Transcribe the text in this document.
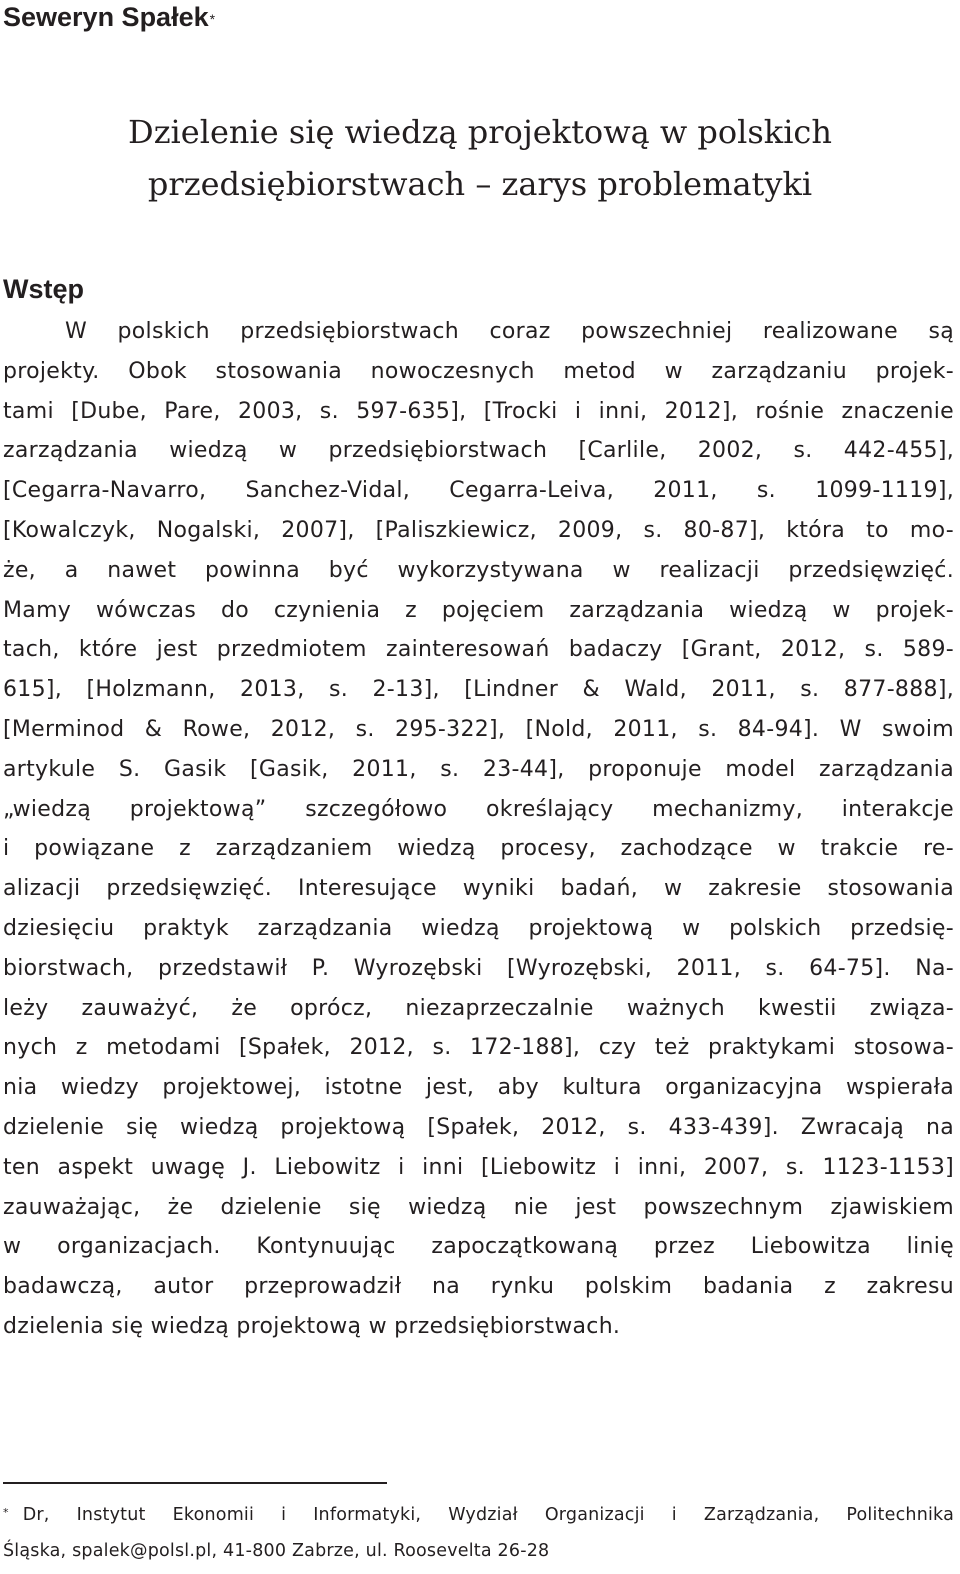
Seweryn Spałek*
Dzielenie się wiedzą projektową w polskich
przedsiębiorstwach – zarys problematyki
Wstęp
W polskich przedsiębiorstwach coraz powszechniej realizowane są
projekty. Obok stosowania nowoczesnych metod w zarządzaniu projek-
tami [Dube, Pare, 2003, s. 597-635], [Trocki i inni, 2012], rośnie znaczenie
zarządzania wiedzą w przedsiębiorstwach [Carlile, 2002, s. 442-455],
[Cegarra-Navarro, Sanchez-Vidal, Cegarra-Leiva, 2011, s. 1099-1119],
[Kowalczyk, Nogalski, 2007], [Paliszkiewicz, 2009, s. 80-87], która to mo-
że, a nawet powinna być wykorzystywana w realizacji przedsięwzięć.
Mamy wówczas do czynienia z pojęciem zarządzania wiedzą w projek-
tach, które jest przedmiotem zainteresowań badaczy [Grant, 2012, s. 589-
615], [Holzmann, 2013, s. 2-13], [Lindner & Wald, 2011, s. 877-888],
[Merminod & Rowe, 2012, s. 295-322], [Nold, 2011, s. 84-94]. W swoim
artykule S. Gasik [Gasik, 2011, s. 23-44], proponuje model zarządzania
„wiedzą projektową” szczegółowo określający mechanizmy, interakcje
i powiązane z zarządzaniem wiedzą procesy, zachodzące w trakcie re-
alizacji przedsięwzięć. Interesujące wyniki badań, w zakresie stosowania
dziesięciu praktyk zarządzania wiedzą projektową w polskich przedsię-
biorstwach, przedstawił P. Wyrozębski [Wyrozębski, 2011, s. 64-75]. Na-
leży zauważyć, że oprócz, niezaprzeczalnie ważnych kwestii związa-
nych z metodami [Spałek, 2012, s. 172-188], czy też praktykami stosowa-
nia wiedzy projektowej, istotne jest, aby kultura organizacyjna wspierała
dzielenie się wiedzą projektową [Spałek, 2012, s. 433-439]. Zwracają na
ten aspekt uwagę J. Liebowitz i inni [Liebowitz i inni, 2007, s. 1123-1153]
zauważając, że dzielenie się wiedzą nie jest powszechnym zjawiskiem
w organizacjach. Kontynuując zapoczątkowaną przez Liebowitza linię
badawczą, autor przeprowadził na rynku polskim badania z zakresu
dzielenia się wiedzą projektową w przedsiębiorstwach.
* Dr, Instytut Ekonomii i Informatyki, Wydział Organizacji i Zarządzania, Politechnika
Śląska, spalek@polsl.pl, 41-800 Zabrze, ul. Roosevelta 26-28
